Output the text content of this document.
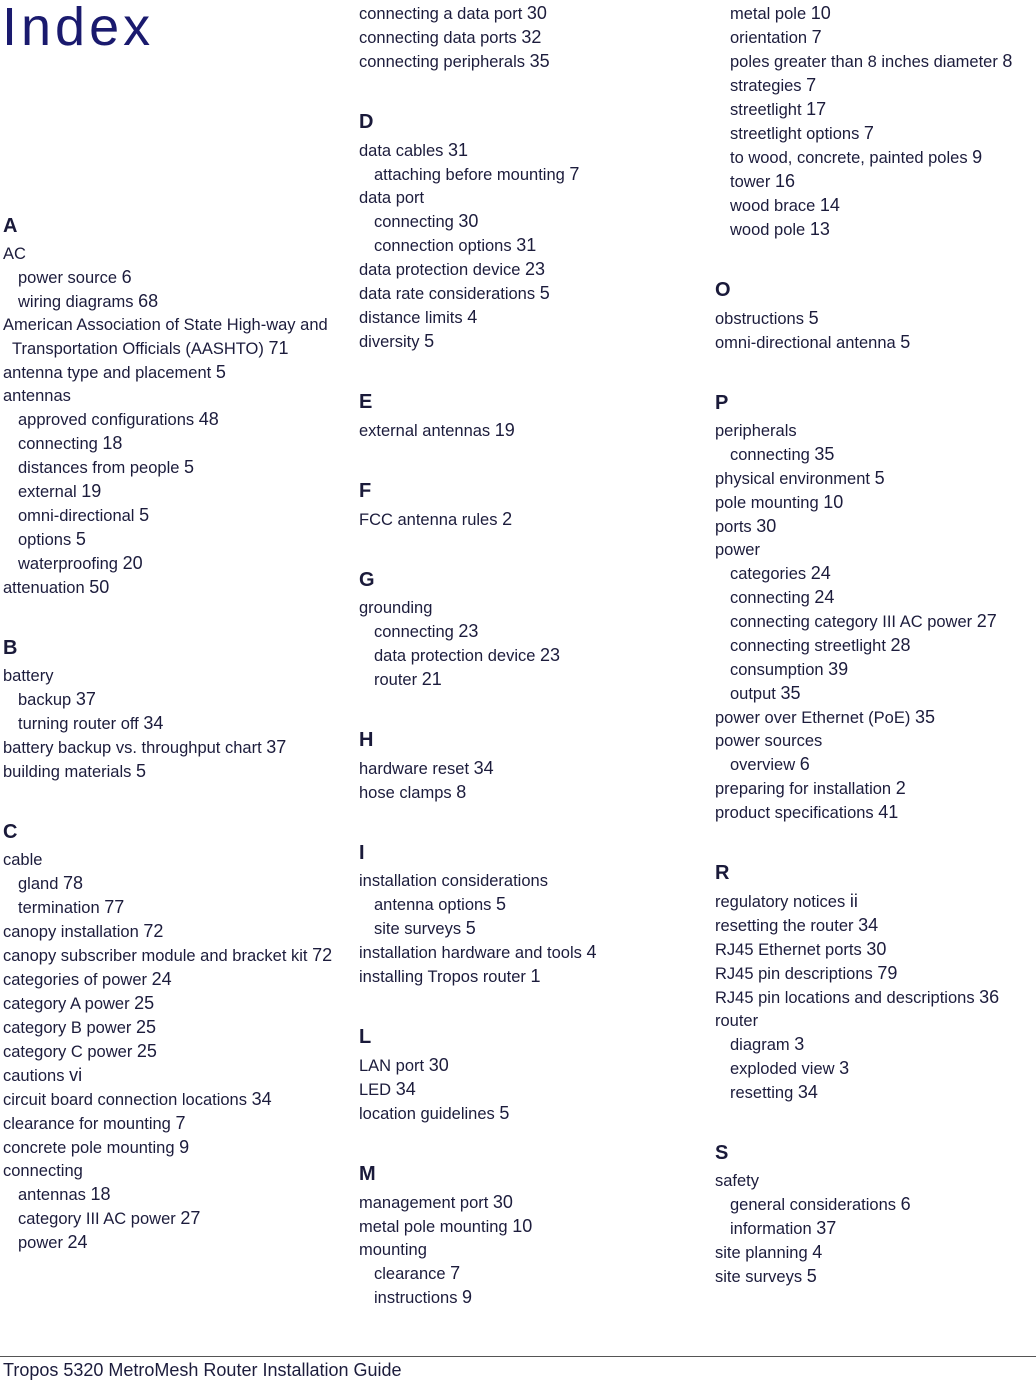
Index
A
AC
power source 6
wiring diagrams 68
American Association of State High-way and Transportation Officials (AASHTO) 71
antenna type and placement 5
antennas
approved configurations 48
connecting 18
distances from people 5
external 19
omni-directional 5
options 5
waterproofing 20
attenuation 50
B
battery
backup 37
turning router off 34
battery backup vs. throughput chart 37
building materials 5
C
cable
gland 78
termination 77
canopy installation 72
canopy subscriber module and bracket kit 72
categories of power 24
category A power 25
category B power 25
category C power 25
cautions vi
circuit board connection locations 34
clearance for mounting 7
concrete pole mounting 9
connecting
antennas 18
category III AC power 27
power 24
connecting a data port 30
connecting data ports 32
connecting peripherals 35
D
data cables 31
attaching before mounting 7
data port
connecting 30
connection options 31
data protection device 23
data rate considerations 5
distance limits 4
diversity 5
E
external antennas 19
F
FCC antenna rules 2
G
grounding
connecting 23
data protection device 23
router 21
H
hardware reset 34
hose clamps 8
I
installation considerations
antenna options 5
site surveys 5
installation hardware and tools 4
installing Tropos router 1
L
LAN port 30
LED 34
location guidelines 5
M
management port 30
metal pole mounting 10
mounting
clearance 7
instructions 9
metal pole 10
orientation 7
poles greater than 8 inches diameter 8
strategies 7
streetlight 17
streetlight options 7
to wood, concrete, painted poles 9
tower 16
wood brace 14
wood pole 13
O
obstructions 5
omni-directional antenna 5
P
peripherals
connecting 35
physical environment 5
pole mounting 10
ports 30
power
categories 24
connecting 24
connecting category III AC power 27
connecting streetlight 28
consumption 39
output 35
power over Ethernet (PoE) 35
power sources
overview 6
preparing for installation 2
product specifications 41
R
regulatory notices ii
resetting the router 34
RJ45 Ethernet ports 30
RJ45 pin descriptions 79
RJ45 pin locations and descriptions 36
router
diagram 3
exploded view 3
resetting 34
S
safety
general considerations 6
information 37
site planning 4
site surveys 5
Tropos 5320 MetroMesh Router Installation Guide
